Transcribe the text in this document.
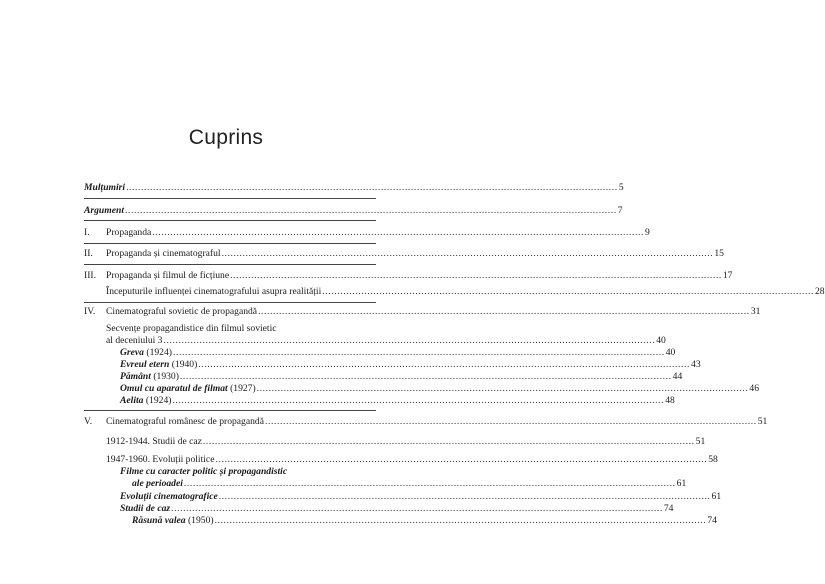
Cuprins
Mulțumiri .................................................................................................................................................................... 5
Argument .................................................................................................................................................................... 7
I. Propaganda .................................................................................................................................................................... 9
II. Propaganda și cinematograful .................................................................................................................................................................... 15
III. Propaganda și filmul de ficțiune .................................................................................................................................................................... 17
Începuturile influenței cinematografului asupra realității .................................................................................................................................................................... 28
IV. Cinematograful sovietic de propagandă .................................................................................................................................................................... 31
Secvențe propagandistice din filmul sovietic
al deceniului 3 .................................................................................................................................................................... 40
Greva (1924) .................................................................................................................................................................... 40
Evreul etern (1940) .................................................................................................................................................................... 43
Pământ (1930) .................................................................................................................................................................... 44
Omul cu aparatul de filmat (1927) .................................................................................................................................................................... 46
Aelita (1924) .................................................................................................................................................................... 48
V. Cinematograful românesc de propagandă .................................................................................................................................................................... 51
1912-1944. Studii de caz .................................................................................................................................................................... 51
1947-1960. Evoluții politice .................................................................................................................................................................... 58
Filme cu caracter politic și propagandistic
ale perioadei .................................................................................................................................................................... 61
Evoluții cinematografice .................................................................................................................................................................... 61
Studii de caz .................................................................................................................................................................... 74
Răsună valea (1950) .................................................................................................................................................................... 74
